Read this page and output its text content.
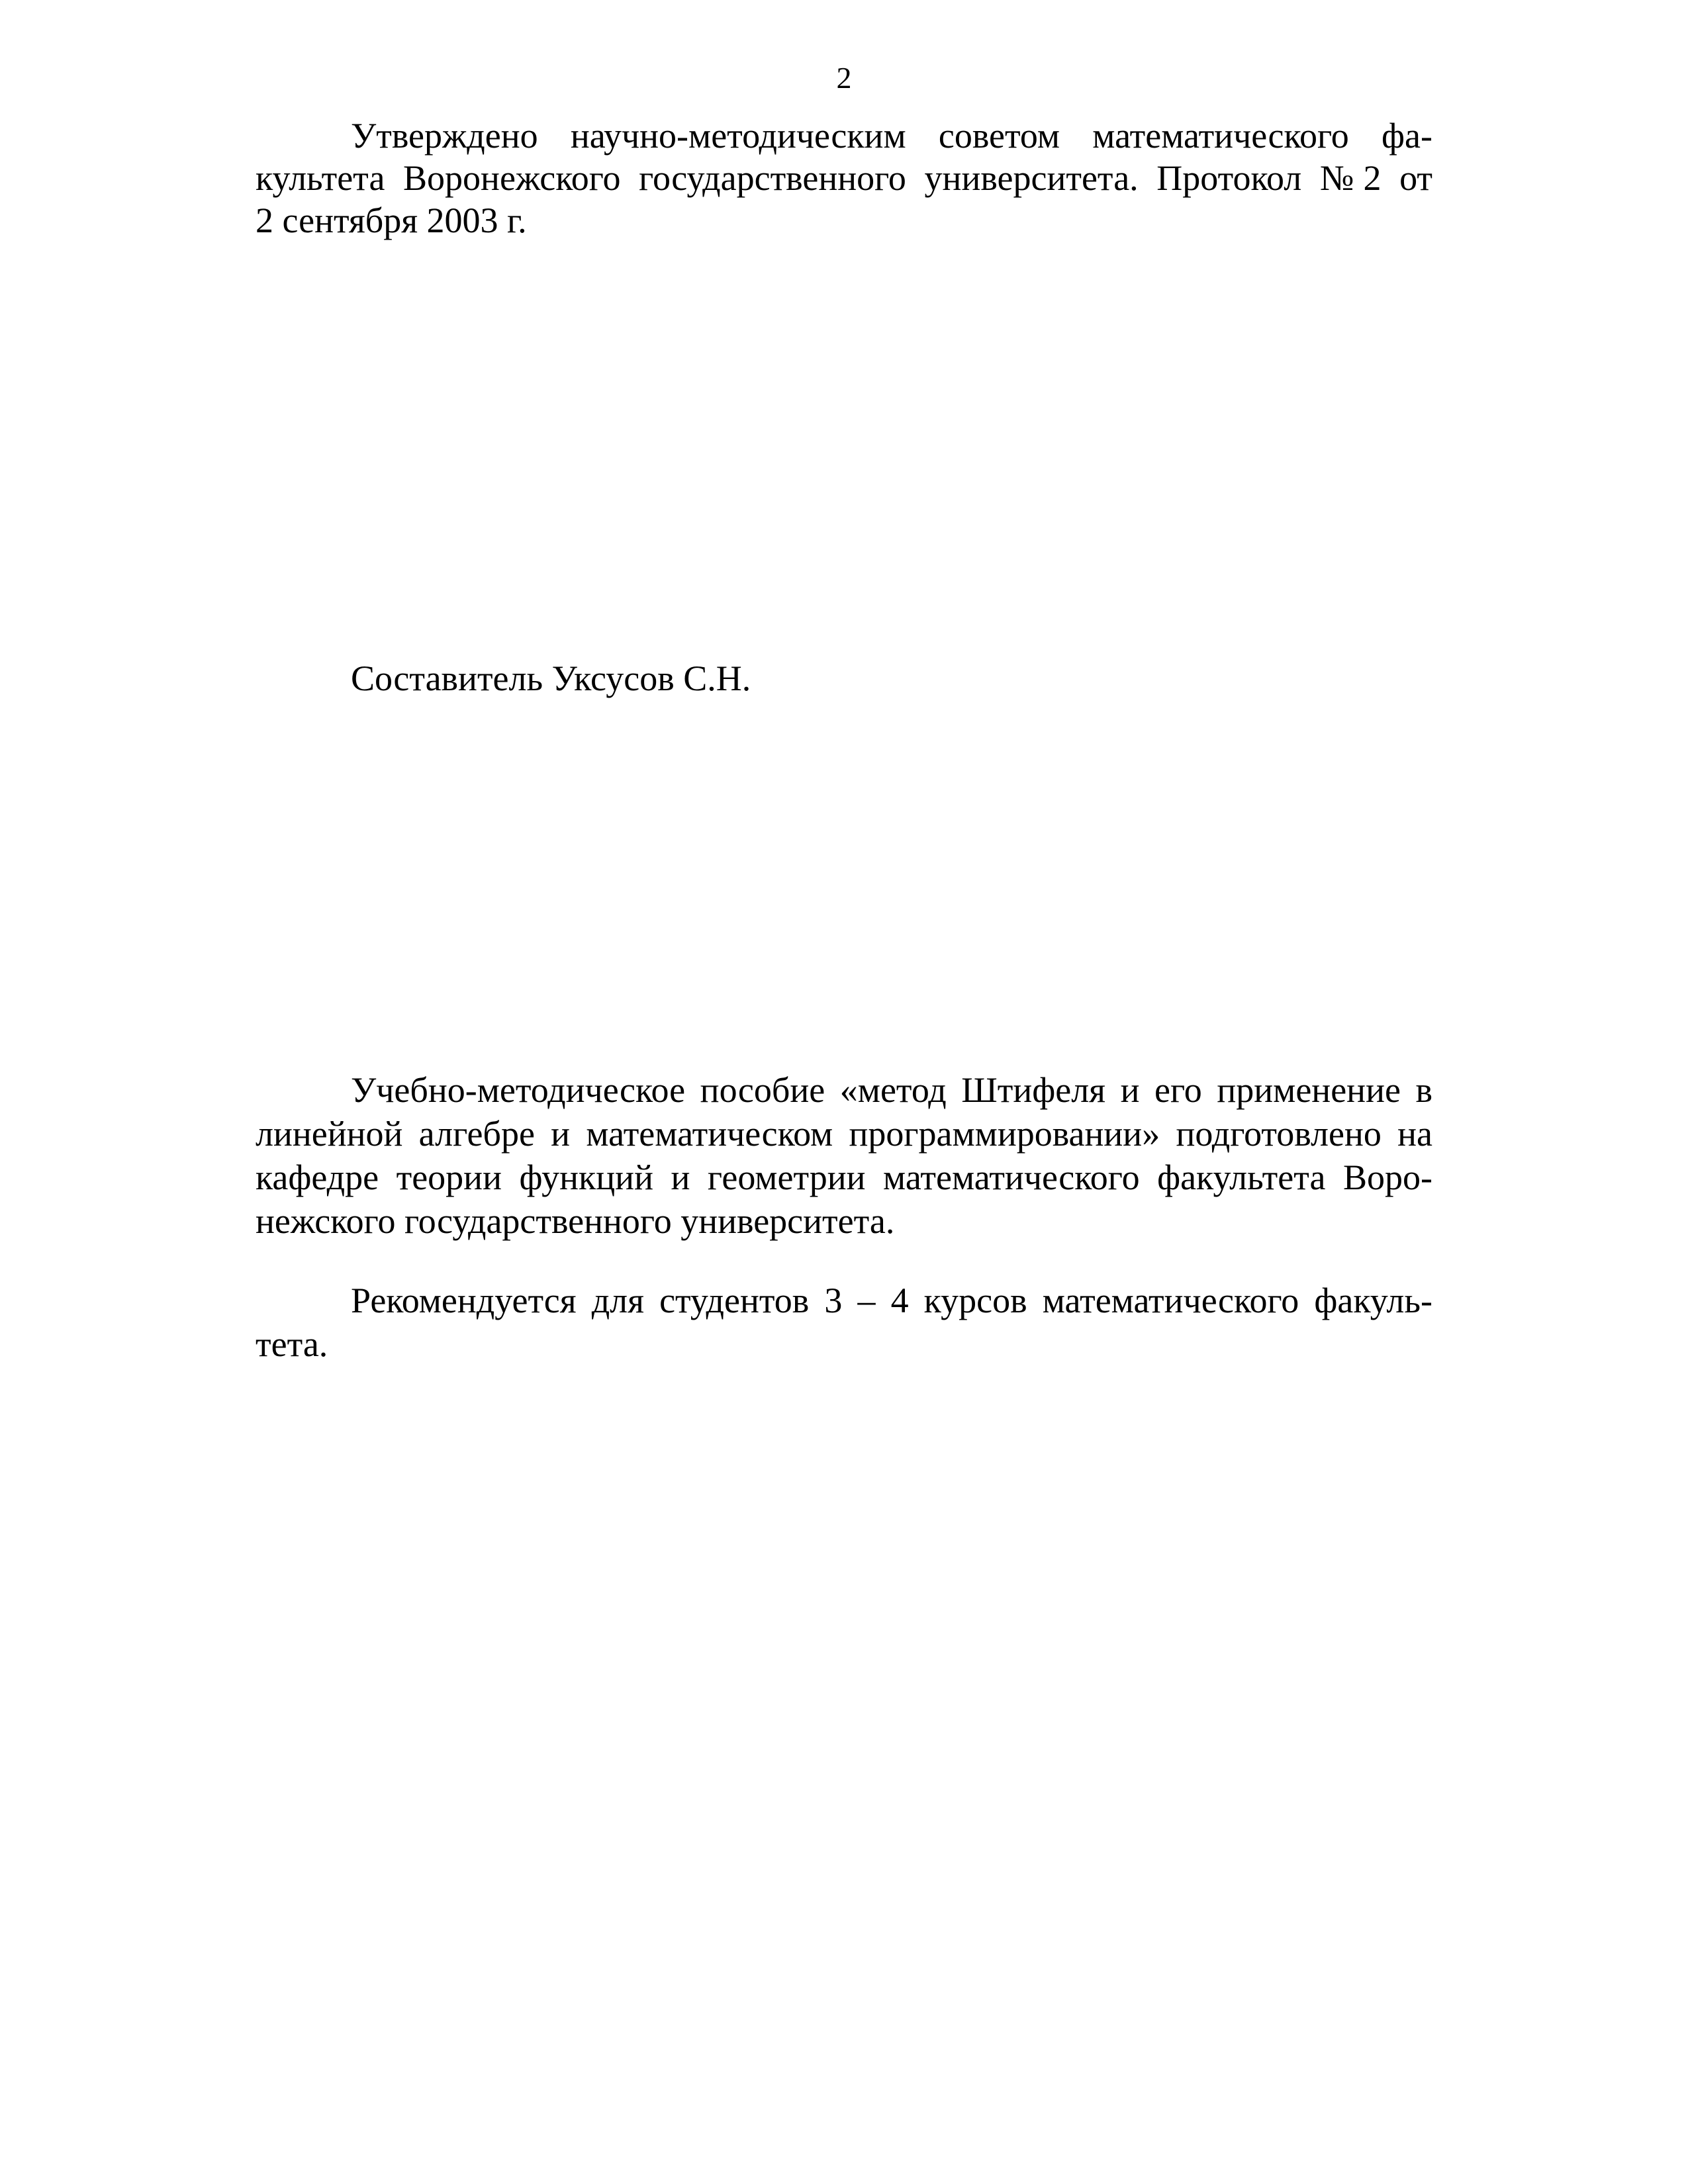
2
Утверждено научно-методическим советом математического фа-
культета Воронежского государственного университета. Протокол №2 от
2 сентября 2003 г.
Составитель Уксусов С.Н.
Учебно-методическое пособие «метод Штифеля и его применение в
линейной алгебре и математическом программировании» подготовлено на
кафедре теории функций и геометрии математического факультета Воро-
нежского государственного университета.
Рекомендуется для студентов 3 – 4 курсов математического факуль-
тета.
